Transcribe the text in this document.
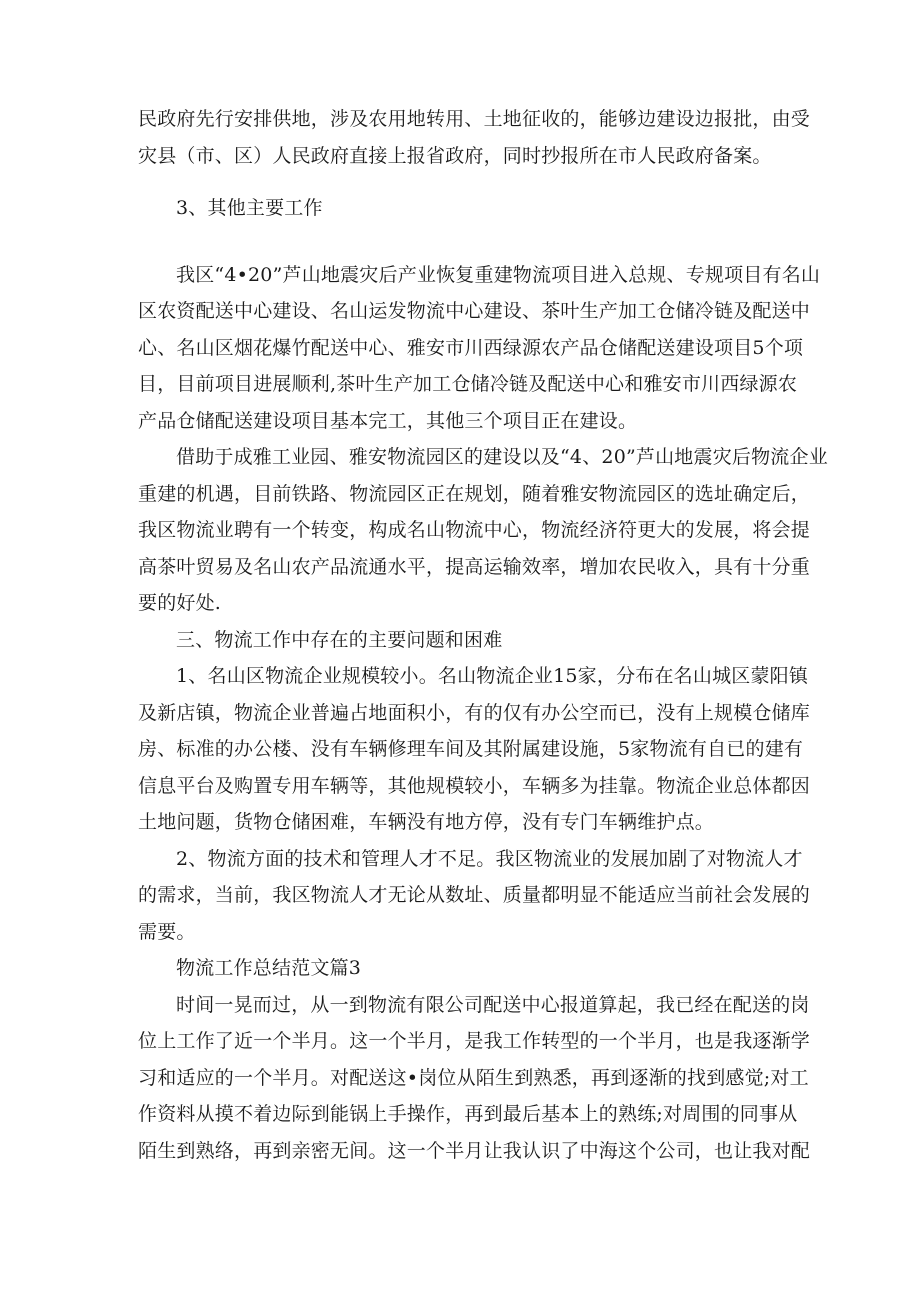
民政府先行安排供地，涉及农用地转用、土地征收的，能够边建设边报批，由受
灾县（市、区）人民政府直接上报省政府，同时抄报所在市人民政府备案。
3、其他主要工作
我区“4•20”芦山地震灾后产业恢复重建物流项目进入总规、专规项目有名山
区农资配送中心建设、名山运发物流中心建设、茶叶生产加工仓储冷链及配送中
心、名山区烟花爆竹配送中心、雅安市川西绿源农产品仓储配送建设项目5个项
目，目前项目进展顺利,茶叶生产加工仓储冷链及配送中心和雅安市川西绿源农
产品仓储配送建设项目基本完工，其他三个项目正在建设。
借助于成雅工业园、雅安物流园区的建设以及“4、20”芦山地震灾后物流企业
重建的机遇，目前铁路、物流园区正在规划，随着雅安物流园区的选址确定后，
我区物流业聘有一个转变，构成名山物流中心，物流经济符更大的发展，将会提
高茶叶贸易及名山农产品流通水平，提高运输效率，增加农民收入，具有十分重
要的好处.
三、物流工作中存在的主要问题和困难
1、名山区物流企业规模较小。名山物流企业15家，分布在名山城区蒙阳镇
及新店镇，物流企业普遍占地面积小，有的仅有办公空而已，没有上规模仓储库
房、标准的办公楼、没有车辆修理车间及其附属建设施，5家物流有自已的建有
信息平台及购置专用车辆等，其他规模较小，车辆多为挂靠。物流企业总体都因
土地问题，货物仓储困难，车辆没有地方停，没有专门车辆维护点。
2、物流方面的技术和管理人才不足。我区物流业的发展加剧了对物流人才
的需求，当前，我区物流人才无论从数址、质量都明显不能适应当前社会发展的
需要。
物流工作总结范文篇3
时间一晃而过，从一到物流有限公司配送中心报道算起，我已经在配送的岗
位上工作了近一个半月。这一个半月，是我工作转型的一个半月，也是我逐渐学
习和适应的一个半月。对配送这•岗位从陌生到熟悉，再到逐渐的找到感觉;对工
作资料从摸不着边际到能锅上手操作，再到最后基本上的熟练;对周围的同事从
陌生到熟络，再到亲密无间。这一个半月让我认识了中海这个公司，也让我对配
